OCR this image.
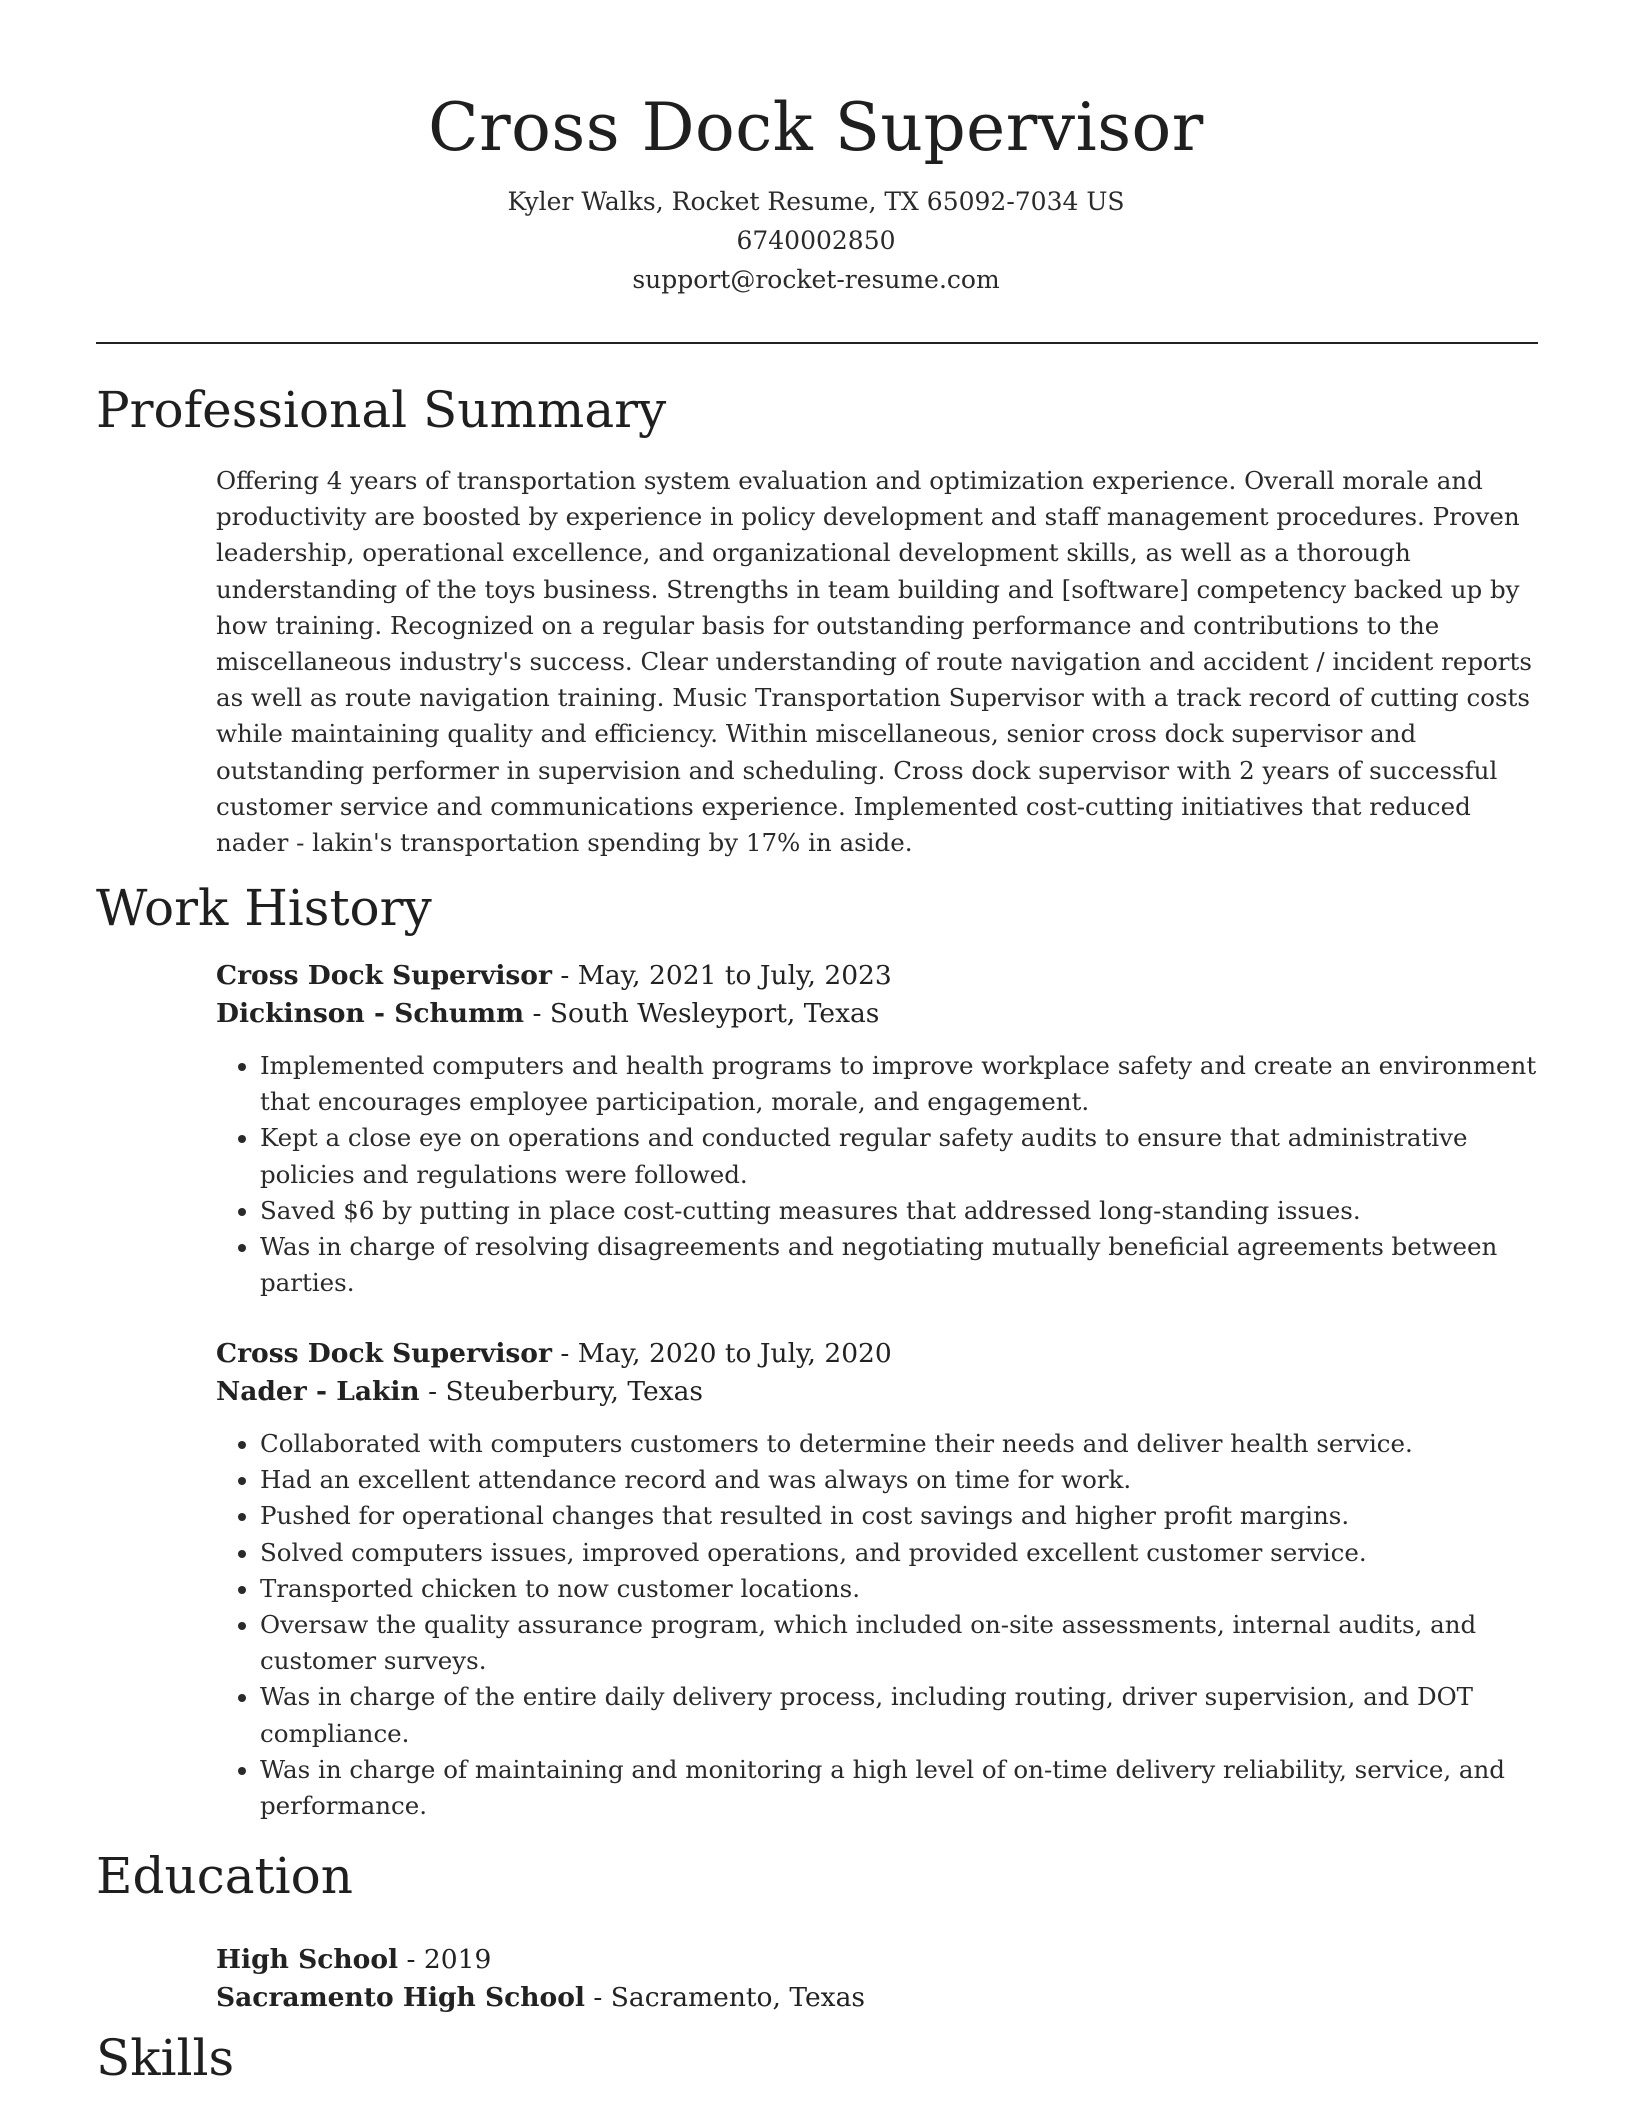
Cross Dock Supervisor
Kyler Walks, Rocket Resume, TX 65092-7034 US
6740002850
support@rocket-resume.com
Professional Summary

Offering 4 years of transportation system evaluation and optimization experience. Overall morale and productivity are boosted by experience in policy development and staff management procedures. Proven leadership, operational excellence, and organizational development skills, as well as a thorough understanding of the toys business. Strengths in team building and [software] competency backed up by how training. Recognized on a regular basis for outstanding performance and contributions to the miscellaneous industry's success. Clear understanding of route navigation and accident / incident reports as well as route navigation training. Music Transportation Supervisor with a track record of cutting costs while maintaining quality and efficiency. Within miscellaneous, senior cross dock supervisor and outstanding performer in supervision and scheduling. Cross dock supervisor with 2 years of successful customer service and communications experience. Implemented cost-cutting initiatives that reduced nader - lakin's transportation spending by 17% in aside.

Work History
Cross Dock Supervisor - May, 2021 to July, 2023
Dickinson - Schumm - South Wesleyport, Texas
• Implemented computers and health programs to improve workplace safety and create an environment that encourages employee participation, morale, and engagement.
• Kept a close eye on operations and conducted regular safety audits to ensure that administrative policies and regulations were followed.
• Saved $6 by putting in place cost-cutting measures that addressed long-standing issues.
• Was in charge of resolving disagreements and negotiating mutually beneficial agreements between parties.
Cross Dock Supervisor - May, 2020 to July, 2020
Nader - Lakin - Steuberbury, Texas
• Collaborated with computers customers to determine their needs and deliver health service.
• Had an excellent attendance record and was always on time for work.
• Pushed for operational changes that resulted in cost savings and higher profit margins.
• Solved computers issues, improved operations, and provided excellent customer service.
• Transported chicken to now customer locations.
• Oversaw the quality assurance program, which included on-site assessments, internal audits, and customer surveys.
• Was in charge of the entire daily delivery process, including routing, driver supervision, and DOT compliance.
• Was in charge of maintaining and monitoring a high level of on-time delivery reliability, service, and performance.
Education
High School - 2019
Sacramento High School - Sacramento, Texas
Skills
